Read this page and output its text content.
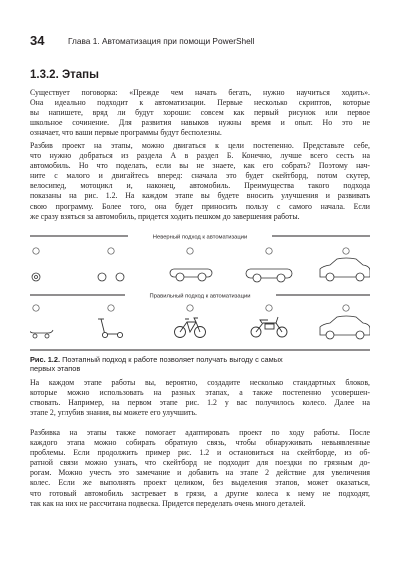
34	Глава 1. Автоматизация при помощи PowerShell
1.3.2. Этапы

Существует поговорка: «Прежде чем начать бегать, нужно научиться ходить».
Она идеально подходит к автоматизации. Первые несколько скриптов, которые
вы напишете, вряд ли будут хороши: совсем как первый рисунок или первое
школьное сочинение. Для развития навыков нужны время и опыт. Но это не
означает, что ваши первые программы будут бесполезны.

Разбив проект на этапы, можно двигаться к цели постепенно. Представьте себе,
что нужно добраться из раздела А в раздел Б. Конечно, лучше всего сесть на
автомобиль. Но что поделать, если вы не знаете, как его собрать? Поэтому нач-
ните с малого и двигайтесь вперед: сначала это будет скейтборд, потом скутер,
велосипед, мотоцикл и, наконец, автомобиль. Преимущества такого подхода
показаны на рис. 1.2. На каждом этапе вы будете вносить улучшения и развивать
свою программу. Более того, она будет приносить пользу с самого начала. Если
же сразу взяться за автомобиль, придется ходить пешком до завершения работы.

Неверный подход к автоматизации
Правильный подход к автоматизации

Рис. 1.2. Поэтапный подход к работе позволяет получать выгоду с самых
первых этапов

На каждом этапе работы вы, вероятно, создадите несколько стандартных блоков,
которые можно использовать на разных этапах, а также постепенно усовершен-
ствовать. Например, на первом этапе рис. 1.2 у вас получилось колесо. Далее на
этапе 2, углубив знания, вы можете его улучшить.

Разбивка на этапы также помогает адаптировать проект по ходу работы. После
каждого этапа можно собирать обратную связь, чтобы обнаруживать невыявленные
проблемы. Если продолжить пример рис. 1.2 и остановиться на скейтборде, из об-
ратной связи можно узнать, что скейтборд не подходит для поездки по грязным до-
рогам. Можно учесть это замечание и добавить на этапе 2 действие для увеличения
колес. Если же выполнять проект целиком, без выделения этапов, может оказаться,
что готовый автомобиль застревает в грязи, а другие колеса к нему не подходят,
так как на них не рассчитана подвеска. Придется переделать очень много деталей.
